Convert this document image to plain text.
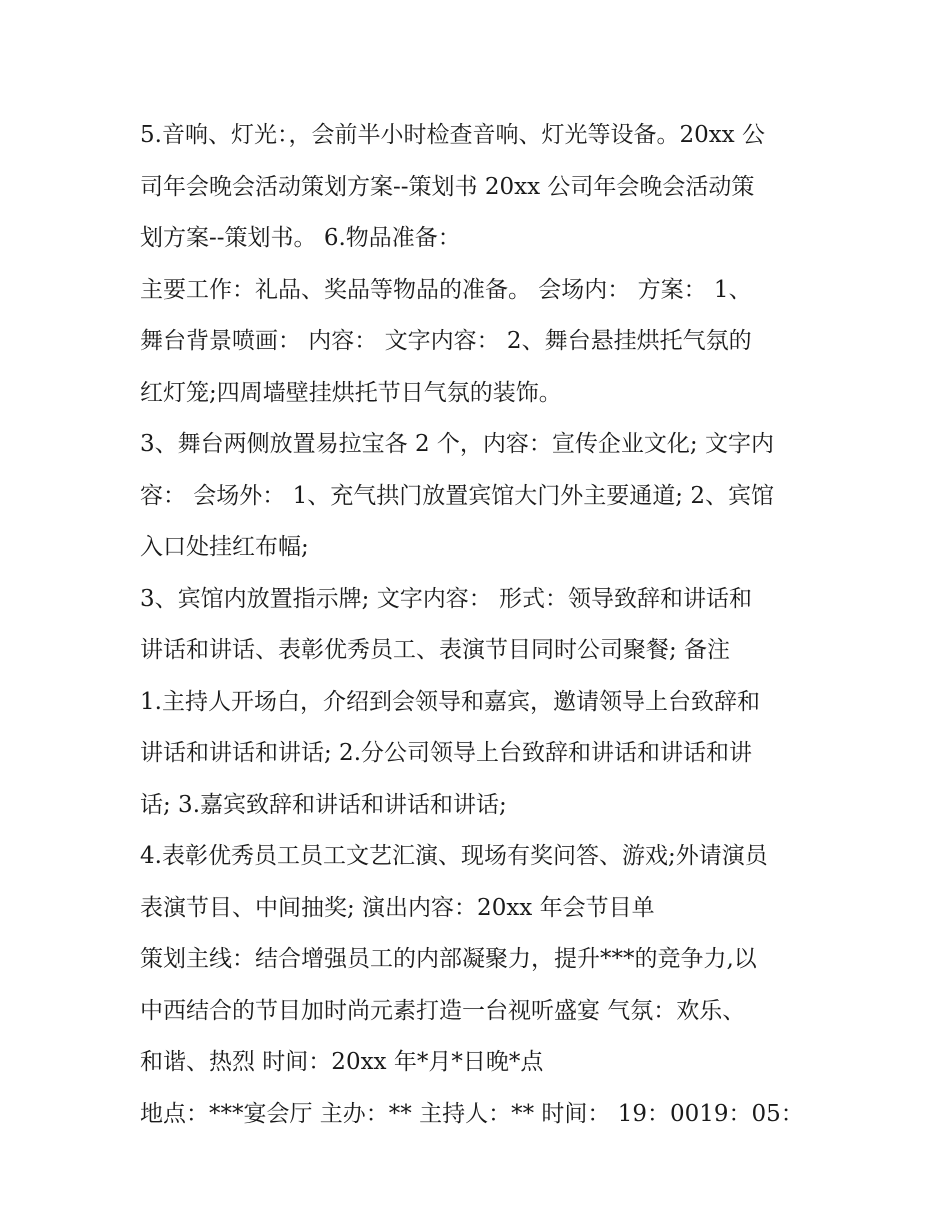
5.音响、灯光：，会前半小时检查音响、灯光等设备。20xx 公
司年会晚会活动策划方案--策划书 20xx 公司年会晚会活动策
划方案--策划书。 6.物品准备：
主要工作：礼品、奖品等物品的准备。 会场内： 方案： 1、
舞台背景喷画： 内容： 文字内容： 2、舞台悬挂烘托气氛的
红灯笼;四周墙壁挂烘托节日气氛的装饰。
3、舞台两侧放置易拉宝各 2 个，内容：宣传企业文化; 文字内
容： 会场外： 1、充气拱门放置宾馆大门外主要通道; 2、宾馆
入口处挂红布幅;
3、宾馆内放置指示牌; 文字内容： 形式：领导致辞和讲话和
讲话和讲话、表彰优秀员工、表演节目同时公司聚餐; 备注
1.主持人开场白，介绍到会领导和嘉宾，邀请领导上台致辞和
讲话和讲话和讲话; 2.分公司领导上台致辞和讲话和讲话和讲
话; 3.嘉宾致辞和讲话和讲话和讲话;
4.表彰优秀员工员工文艺汇演、现场有奖问答、游戏;外请演员
表演节目、中间抽奖; 演出内容：20xx 年会节目单
策划主线：结合增强员工的内部凝聚力，提升***的竞争力,以
中西结合的节目加时尚元素打造一台视听盛宴 气氛：欢乐、
和谐、热烈 时间：20xx 年*月*日晚*点
地点：***宴会厅 主办：** 主持人：** 时间： 19：0019：05：
